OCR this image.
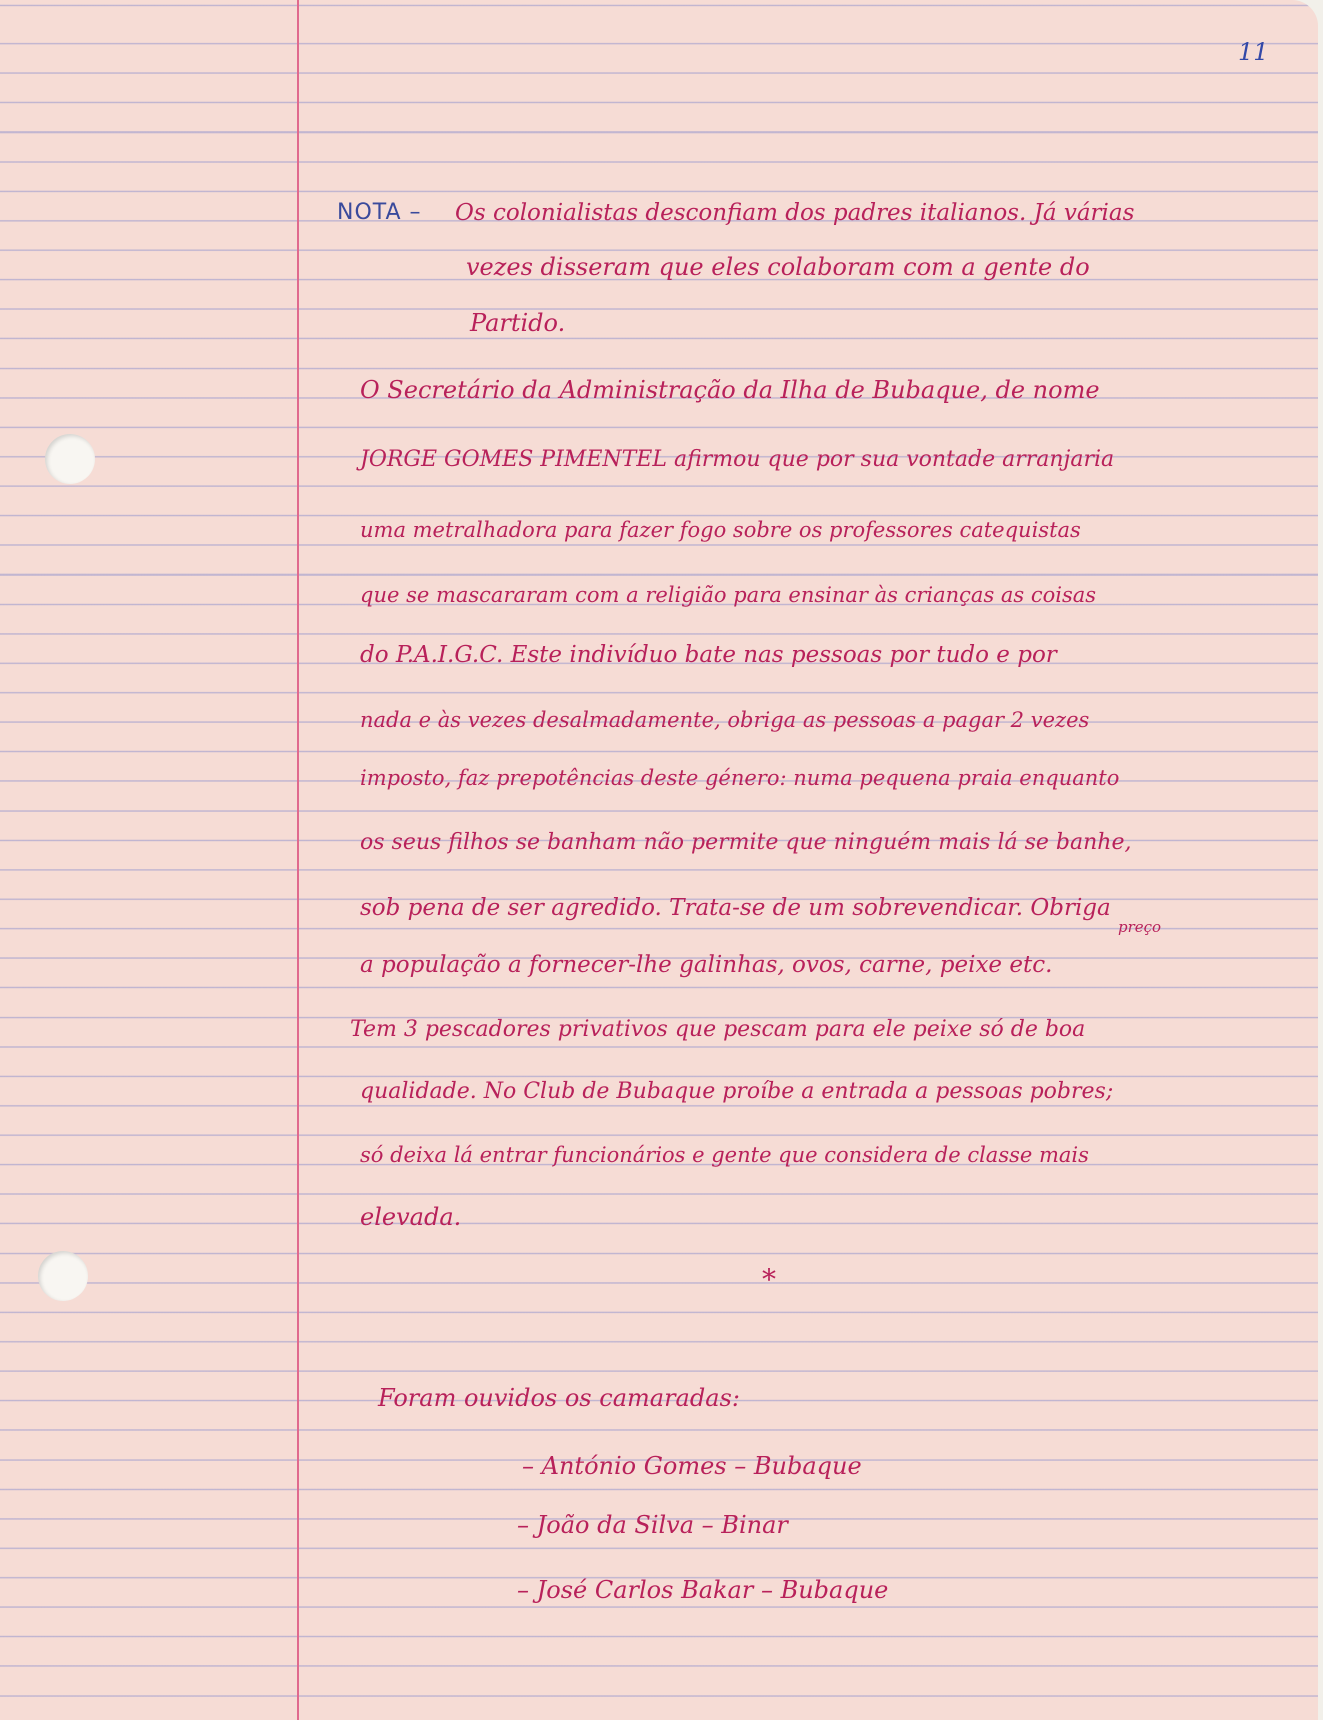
11

NOTA – Os colonialistas desconfiam dos padres italianos. Já várias

vezes disseram que eles colaboram com a gente do

Partido.

O Secretário da Administração da Ilha de Bubaque, de nome

JORGE GOMES PIMENTEL afirmou que por sua vontade arranjaria

uma metralhadora para fazer fogo sobre os professores catequistas

que se mascararam com a religião para ensinar às crianças as coisas

do P.A.I.G.C. Este indivíduo bate nas pessoas por tudo e por

nada e às vezes desalmadamente, obriga as pessoas a pagar 2 vezes

imposto, faz prepotências deste género: numa pequena praia enquanto

os seus filhos se banham não permite que ninguém mais lá se banhe,

sob pena de ser agredido. Trata-se de um sobrevendicar. Obriga

preço

a população a fornecer-lhe galinhas, ovos, carne, peixe etc.

Tem 3 pescadores privativos que pescam para ele peixe só de boa

qualidade. No Club de Bubaque proíbe a entrada a pessoas pobres;

só deixa lá entrar funcionários e gente que considera de classe mais

elevada.

*

Foram ouvidos os camaradas:

– António Gomes – Bubaque

– João da Silva – Binar

– José Carlos Bakar – Bubaque
